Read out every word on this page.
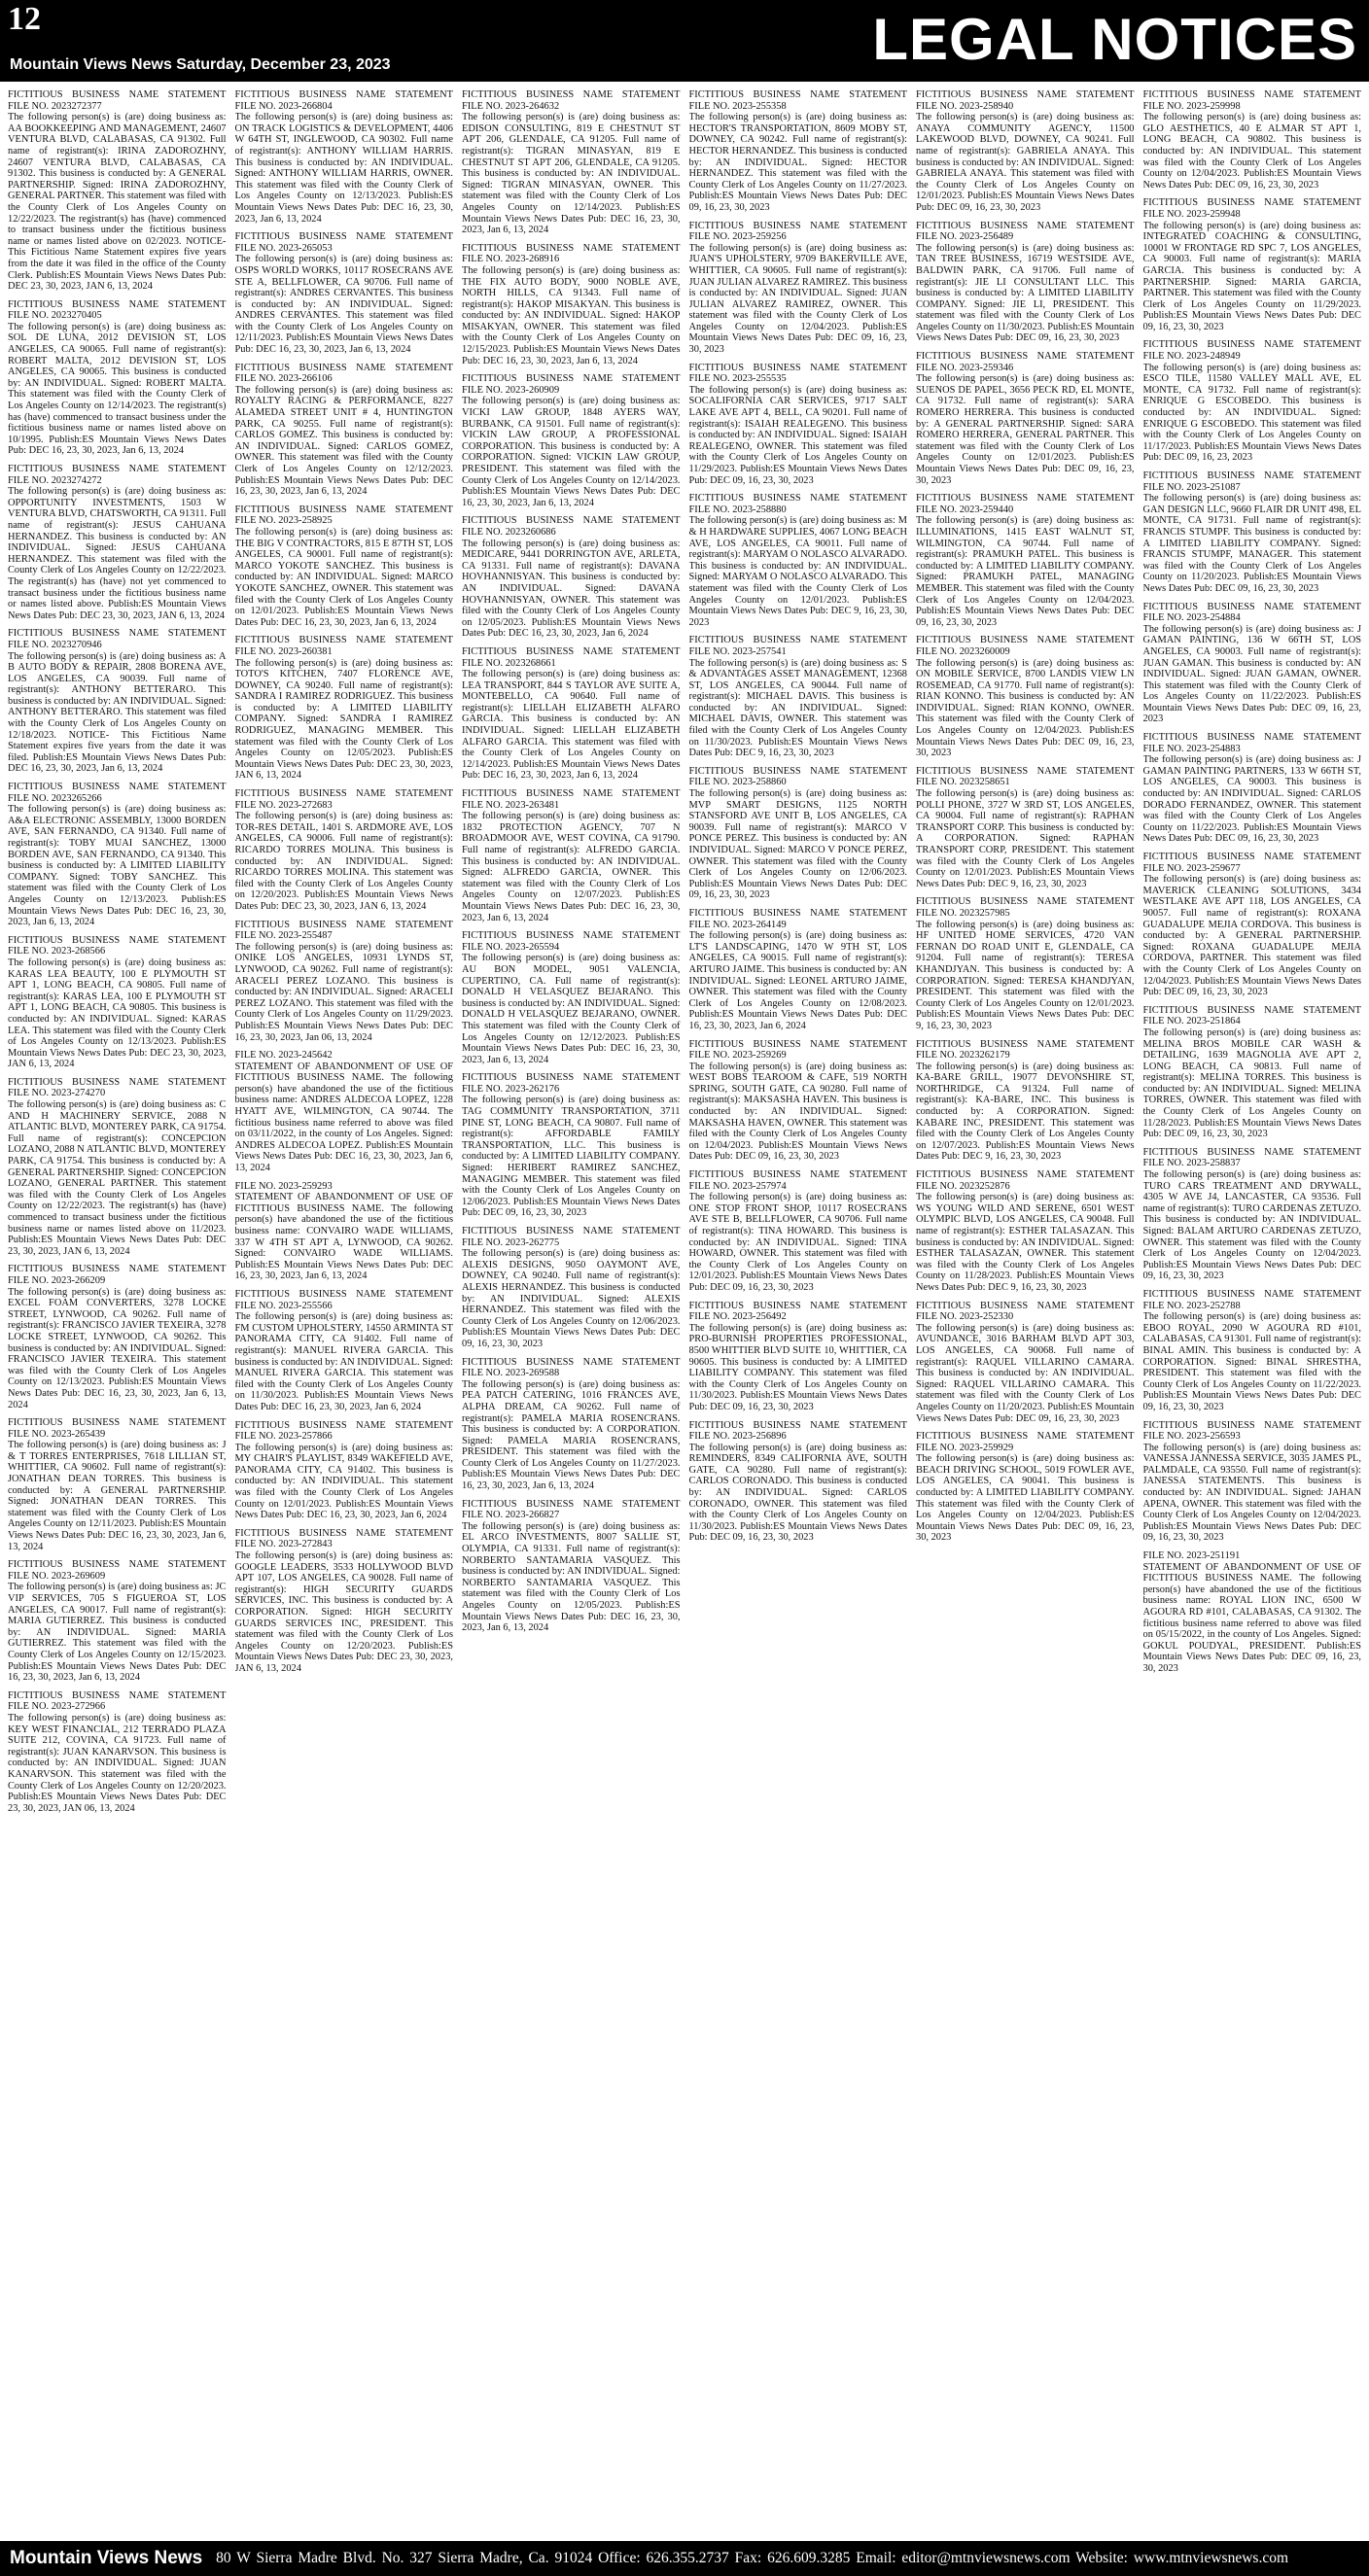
12
Mountain Views News Saturday, December 23, 2023	LEGAL NOTICES
FICTITIOUS BUSINESS NAME STATEMENT FILE NO. 2023272377
The following person(s) is (are) doing business as: AA BOOKKEEPING AND MANAGEMENT, 24607 VENTURA BLVD, CALABASAS, CA 91302. Full name of registrant(s): IRINA ZADOROZHNY, 24607 VENTURA BLVD, CALABASAS, CA 91302. This business is conducted by: A GENERAL PARTNERSHIP. Signed: IRINA ZADOROZHNY, GENERAL PARTNER. This statement was filed with the County Clerk of Los Angeles County on 12/22/2023. The registrant(s) has (have) commenced to transact business under the fictitious business name or names listed above on 02/2023. NOTICE- This Fictitious Name Statement expires five years from the date it was filed in the office of the County Clerk. Publish:ES Mountain Views News Dates Pub: DEC 23, 30, 2023, JAN 6, 13, 2024
FICTITIOUS BUSINESS NAME STATEMENT FILE NO. 2023270405
The following person(s) is (are) doing business as: SOL DE LUNA, 2012 DEVISION ST, LOS ANGELES, CA 90065. Full name of registrant(s): ROBERT MALTA, 2012 DEVISION ST, LOS ANGELES, CA 90065. This business is conducted by: AN INDIVIDUAL. Signed: ROBERT MALTA. This statement was filed with the County Clerk of Los Angeles County on 12/14/2023. The registrant(s) has (have) commenced to transact business under the fictitious business name or names listed above on 10/1995. Publish:ES Mountain Views News Dates Pub: DEC 16, 23, 30, 2023, Jan 6, 13, 2024
FICTITIOUS BUSINESS NAME STATEMENT FILE NO. 2023274272
The following person(s) is (are) doing business as: OPPORTUNITY INVESTMENTS, 1503 W VENTURA BLVD, CHATSWORTH, CA 91311. Full name of registrant(s): JESUS CAHUANA HERNANDEZ. This business is conducted by: AN INDIVIDUAL. Signed: JESUS CAHUANA HERNANDEZ. This statement was filed with the County Clerk of Los Angeles County on 12/22/2023. The registrant(s) has (have) not yet commenced to transact business under the fictitious business name or names listed above. Publish:ES Mountain Views News Dates Pub: DEC 23, 30, 2023, JAN 6, 13, 2024
FICTITIOUS BUSINESS NAME STATEMENT FILE NO. 2023270946
The following person(s) is (are) doing business as: A B AUTO BODY & REPAIR, 2808 BORENA AVE, LOS ANGELES, CA 90039. Full name of registrant(s): ANTHONY BETTERARO. This business is conducted by: AN INDIVIDUAL. Signed: ANTHONY BETTERARO. This statement was filed with the County Clerk of Los Angeles County on 12/18/2023. NOTICE- This Fictitious Name Statement expires five years from the date it was filed. Publish:ES Mountain Views News Dates Pub: DEC 16, 23, 30, 2023, Jan 6, 13, 2024
FICTITIOUS BUSINESS NAME STATEMENT FILE NO. 2023265266
The following person(s) is (are) doing business as: A&A ELECTRONIC ASSEMBLY, 13000 BORDEN AVE, SAN FERNANDO, CA 91340. Full name of registrant(s): TOBY MUAI SANCHEZ, 13000 BORDEN AVE, SAN FERNANDO, CA 91340. This business is conducted by: A LIMITED LIABILITY COMPANY. Signed: TOBY SANCHEZ. This statement was filed with the County Clerk of Los Angeles County on 12/13/2023. Publish:ES Mountain Views News Dates Pub: DEC 16, 23, 30, 2023, Jan 6, 13, 2024
FICTITIOUS BUSINESS NAME STATEMENT FILE NO. 2023-268566
The following person(s) is (are) doing business as: KARAS LEA BEAUTY, 100 E PLYMOUTH ST APT 1, LONG BEACH, CA 90805. Full name of registrant(s): KARAS LEA, 100 E PLYMOUTH ST APT 1, LONG BEACH, CA 90805. This business is conducted by: AN INDIVIDUAL. Signed: KARAS LEA. This statement was filed with the County Clerk of Los Angeles County on 12/13/2023. Publish:ES Mountain Views News Dates Pub: DEC 23, 30, 2023, JAN 6, 13, 2024
FICTITIOUS BUSINESS NAME STATEMENT FILE NO. 2023-274270
The following person(s) is (are) doing business as: C AND H MACHINERY SERVICE, 2088 N ATLANTIC BLVD, MONTEREY PARK, CA 91754. Full name of registrant(s): CONCEPCION LOZANO, 2088 N ATLANTIC BLVD, MONTEREY PARK, CA 91754. This business is conducted by: A GENERAL PARTNERSHIP. Signed: CONCEPCION LOZANO, GENERAL PARTNER. This statement was filed with the County Clerk of Los Angeles County on 12/22/2023. The registrant(s) has (have) commenced to transact business under the fictitious business name or names listed above on 11/2023. Publish:ES Mountain Views News Dates Pub: DEC 23, 30, 2023, JAN 6, 13, 2024
FICTITIOUS BUSINESS NAME STATEMENT FILE NO. 2023-266209
The following person(s) is (are) doing business as: EXCEL FOAM CONVERTERS, 3278 LOCKE STREET, LYNWOOD, CA 90262. Full name of registrant(s): FRANCISCO JAVIER TEXEIRA, 3278 LOCKE STREET, LYNWOOD, CA 90262. This business is conducted by: AN INDIVIDUAL. Signed: FRANCISCO JAVIER TEXEIRA. This statement was filed with the County Clerk of Los Angeles County on 12/13/2023. Publish:ES Mountain Views News Dates Pub: DEC 16, 23, 30, 2023, Jan 6, 13, 2024
FICTITIOUS BUSINESS NAME STATEMENT FILE NO. 2023-265439
The following person(s) is (are) doing business as: J & T TORRES ENTERPRISES, 7618 LILLIAN ST, WHITTIER, CA 90602. Full name of registrant(s): JONATHAN DEAN TORRES. This business is conducted by: A GENERAL PARTNERSHIP. Signed: JONATHAN DEAN TORRES. This statement was filed with the County Clerk of Los Angeles County on 12/11/2023. Publish:ES Mountain Views News Dates Pub: DEC 16, 23, 30, 2023, Jan 6, 13, 2024
FICTITIOUS BUSINESS NAME STATEMENT FILE NO. 2023-269609
The following person(s) is (are) doing business as: JC VIP SERVICES, 705 S FIGUEROA ST, LOS ANGELES, CA 90017. Full name of registrant(s): MARIA GUTIERREZ. This business is conducted by: AN INDIVIDUAL. Signed: MARIA GUTIERREZ. This statement was filed with the County Clerk of Los Angeles County on 12/15/2023. Publish:ES Mountain Views News Dates Pub: DEC 16, 23, 30, 2023, Jan 6, 13, 2024
FICTITIOUS BUSINESS NAME STATEMENT FILE NO. 2023-272966
The following person(s) is (are) doing business as: KEY WEST FINANCIAL, 212 TERRADO PLAZA SUITE 212, COVINA, CA 91723. Full name of registrant(s): JUAN KANARVSON. This business is conducted by: AN INDIVIDUAL. Signed: JUAN KANARVSON. This statement was filed with the County Clerk of Los Angeles County on 12/20/2023. Publish:ES Mountain Views News Dates Pub: DEC 23, 30, 2023, JAN 06, 13, 2024
FICTITIOUS BUSINESS NAME STATEMENT FILE NO. 2023-266804
The following person(s) is (are) doing business as: ON TRACK LOGISTICS & DEVELOPMENT, 4406 W 64TH ST, INGLEWOOD, CA 90302. Full name of registrant(s): ANTHONY WILLIAM HARRIS. This business is conducted by: AN INDIVIDUAL. Signed: ANTHONY WILLIAM HARRIS, OWNER. This statement was filed with the County Clerk of Los Angeles County on 12/13/2023. Publish:ES Mountain Views News Dates Pub: DEC 16, 23, 30, 2023, Jan 6, 13, 2024
FICTITIOUS BUSINESS NAME STATEMENT FILE NO. 2023-265053
The following person(s) is (are) doing business as: OSPS WORLD WORKS, 10117 ROSECRANS AVE STE A, BELLFLOWER, CA 90706. Full name of registrant(s): ANDRES CERVANTES. This business is conducted by: AN INDIVIDUAL. Signed: ANDRES CERVANTES. This statement was filed with the County Clerk of Los Angeles County on 12/11/2023. Publish:ES Mountain Views News Dates Pub: DEC 16, 23, 30, 2023, Jan 6, 13, 2024
FICTITIOUS BUSINESS NAME STATEMENT FILE NO. 2023-266106
The following person(s) is (are) doing business as: ROYALTY RACING & PERFORMANCE, 8227 ALAMEDA STREET UNIT # 4, HUNTINGTON PARK, CA 90255. Full name of registrant(s): CARLOS GOMEZ. This business is conducted by: AN INDIVIDUAL. Signed: CARLOS GOMEZ, OWNER. This statement was filed with the County Clerk of Los Angeles County on 12/12/2023. Publish:ES Mountain Views News Dates Pub: DEC 16, 23, 30, 2023, Jan 6, 13, 2024
FICTITIOUS BUSINESS NAME STATEMENT FILE NO. 2023-258925
The following person(s) is (are) doing business as: THE BIG V CONTRACTORS, 815 E 87TH ST, LOS ANGELES, CA 90001. Full name of registrant(s): MARCO YOKOTE SANCHEZ. This business is conducted by: AN INDIVIDUAL. Signed: MARCO YOKOTE SANCHEZ, OWNER. This statement was filed with the County Clerk of Los Angeles County on 12/01/2023. Publish:ES Mountain Views News Dates Pub: DEC 16, 23, 30, 2023, Jan 6, 13, 2024
FICTITIOUS BUSINESS NAME STATEMENT FILE NO. 2023-260381
The following person(s) is (are) doing business as: TOTO'S KITCHEN, 7407 FLORENCE AVE, DOWNEY, CA 90240. Full name of registrant(s): SANDRA I RAMIREZ RODRIGUEZ. This business is conducted by: A LIMITED LIABILITY COMPANY. Signed: SANDRA I RAMIREZ RODRIGUEZ, MANAGING MEMBER. This statement was filed with the County Clerk of Los Angeles County on 12/05/2023. Publish:ES Mountain Views News Dates Pub: DEC 23, 30, 2023, JAN 6, 13, 2024
FICTITIOUS BUSINESS NAME STATEMENT FILE NO. 2023-272683
The following person(s) is (are) doing business as: TOR-RES DETAIL, 1401 S. ARDMORE AVE, LOS ANGELES, CA 90006. Full name of registrant(s): RICARDO TORRES MOLINA. This business is conducted by: AN INDIVIDUAL. Signed: RICARDO TORRES MOLINA. This statement was filed with the County Clerk of Los Angeles County on 12/20/2023. Publish:ES Mountain Views News Dates Pub: DEC 23, 30, 2023, JAN 6, 13, 2024
FICTITIOUS BUSINESS NAME STATEMENT FILE NO. 2023-255487
The following person(s) is (are) doing business as: ONIKE LOS ANGELES, 10931 LYNDS ST, LYNWOOD, CA 90262. Full name of registrant(s): ARACELI PEREZ LOZANO. This business is conducted by: AN INDIVIDUAL. Signed: ARACELI PEREZ LOZANO. This statement was filed with the County Clerk of Los Angeles County on 11/29/2023. Publish:ES Mountain Views News Dates Pub: DEC 16, 23, 30, 2023, Jan 06, 13, 2024
FILE NO. 2023-245642
STATEMENT OF ABANDONMENT OF USE OF FICTITIOUS BUSINESS NAME. The following person(s) have abandoned the use of the fictitious business name: ANDRES ALDECOA LOPEZ, 1228 HYATT AVE, WILMINGTON, CA 90744. The fictitious business name referred to above was filed on 03/11/2022, in the county of Los Angeles. Signed: ANDRES ALDECOA LOPEZ. Publish:ES Mountain Views News Dates Pub: DEC 16, 23, 30, 2023, Jan 6, 13, 2024
FILE NO. 2023-259293
STATEMENT OF ABANDONMENT OF USE OF FICTITIOUS BUSINESS NAME. The following person(s) have abandoned the use of the fictitious business name: CONVAIRO WADE WILLIAMS, 337 W 4TH ST APT A, LYNWOOD, CA 90262. Signed: CONVAIRO WADE WILLIAMS. Publish:ES Mountain Views News Dates Pub: DEC 16, 23, 30, 2023, Jan 6, 13, 2024
FICTITIOUS BUSINESS NAME STATEMENT FILE NO. 2023-255566
The following person(s) is (are) doing business as: FM CUSTOM UPHOLSTERY, 14550 ARMINTA ST PANORAMA CITY, CA 91402. Full name of registrant(s): MANUEL RIVERA GARCIA. This business is conducted by: AN INDIVIDUAL. Signed: MANUEL RIVERA GARCIA. This statement was filed with the County Clerk of Los Angeles County on 11/30/2023. Publish:ES Mountain Views News Dates Pub: DEC 16, 23, 30, 2023, Jan 6, 2024
FICTITIOUS BUSINESS NAME STATEMENT FILE NO. 2023-257866
The following person(s) is (are) doing business as: MY CHAIR'S PLAYLIST, 8349 WAKEFIELD AVE, PANORAMA CITY, CA 91402. This business is conducted by: AN INDIVIDUAL. This statement was filed with the County Clerk of Los Angeles County on 12/01/2023. Publish:ES Mountain Views News Dates Pub: DEC 16, 23, 30, 2023, Jan 6, 2024
FICTITIOUS BUSINESS NAME STATEMENT FILE NO. 2023-272843
The following person(s) is (are) doing business as: GOOGLE LEADERS, 3533 HOLLYWOOD BLVD APT 107, LOS ANGELES, CA 90028. Full name of registrant(s): HIGH SECURITY GUARDS SERVICES, INC. This business is conducted by: A CORPORATION. Signed: HIGH SECURITY GUARDS SERVICES INC, PRESIDENT. This statement was filed with the County Clerk of Los Angeles County on 12/20/2023. Publish:ES Mountain Views News Dates Pub: DEC 23, 30, 2023, JAN 6, 13, 2024
FICTITIOUS BUSINESS NAME STATEMENT FILE NO. 2023-264632
The following person(s) is (are) doing business as: EDISON CONSULTING, 819 E CHESTNUT ST APT 206, GLENDALE, CA 91205. Full name of registrant(s): TIGRAN MINASYAN, 819 E CHESTNUT ST APT 206, GLENDALE, CA 91205. This business is conducted by: AN INDIVIDUAL. Signed: TIGRAN MINASYAN, OWNER. This statement was filed with the County Clerk of Los Angeles County on 12/14/2023. Publish:ES Mountain Views News Dates Pub: DEC 16, 23, 30, 2023, Jan 6, 13, 2024
FICTITIOUS BUSINESS NAME STATEMENT FILE NO. 2023-268916
The following person(s) is (are) doing business as: THE FIX AUTO BODY, 9000 NOBLE AVE, NORTH HILLS, CA 91343. Full name of registrant(s): HAKOP MISAKYAN. This business is conducted by: AN INDIVIDUAL. Signed: HAKOP MISAKYAN, OWNER. This statement was filed with the County Clerk of Los Angeles County on 12/15/2023. Publish:ES Mountain Views News Dates Pub: DEC 16, 23, 30, 2023, Jan 6, 13, 2024
FICTITIOUS BUSINESS NAME STATEMENT FILE NO. 2023-260909
The following person(s) is (are) doing business as: VICKI LAW GROUP, 1848 AYERS WAY, BURBANK, CA 91501. Full name of registrant(s): VICKIN LAW GROUP, A PROFESSIONAL CORPORATION. This business is conducted by: A CORPORATION. Signed: VICKIN LAW GROUP, PRESIDENT. This statement was filed with the County Clerk of Los Angeles County on 12/14/2023. Publish:ES Mountain Views News Dates Pub: DEC 16, 23, 30, 2023, Jan 6, 13, 2024
FICTITIOUS BUSINESS NAME STATEMENT FILE NO. 2023260686
The following person(s) is (are) doing business as: MEDICARE, 9441 DORRINGTON AVE, ARLETA, CA 91331. Full name of registrant(s): DAVANA HOVHANNISYAN. This business is conducted by: AN INDIVIDUAL. Signed: DAVANA HOVHANNISYAN, OWNER. This statement was filed with the County Clerk of Los Angeles County on 12/05/2023. Publish:ES Mountain Views News Dates Pub: DEC 16, 23, 30, 2023, Jan 6, 2024
FICTITIOUS BUSINESS NAME STATEMENT FILE NO. 2023268661
The following person(s) is (are) doing business as: LEA TRANSPORT, 844 S TAYLOR AVE SUITE A, MONTEBELLO, CA 90640. Full name of registrant(s): LIELLAH ELIZABETH ALFARO GARCIA. This business is conducted by: AN INDIVIDUAL. Signed: LIELLAH ELIZABETH ALFARO GARCIA. This statement was filed with the County Clerk of Los Angeles County on 12/14/2023. Publish:ES Mountain Views News Dates Pub: DEC 16, 23, 30, 2023, Jan 6, 13, 2024
FICTITIOUS BUSINESS NAME STATEMENT FILE NO. 2023-263481
The following person(s) is (are) doing business as: 1832 PROTECTION AGENCY, 707 N BROADMOOR AVE, WEST COVINA, CA 91790. Full name of registrant(s): ALFREDO GARCIA. This business is conducted by: AN INDIVIDUAL. Signed: ALFREDO GARCIA, OWNER. This statement was filed with the County Clerk of Los Angeles County on 12/07/2023. Publish:ES Mountain Views News Dates Pub: DEC 16, 23, 30, 2023, Jan 6, 13, 2024
FICTITIOUS BUSINESS NAME STATEMENT FILE NO. 2023-265594
The following person(s) is (are) doing business as: AU BON MODEL, 9051 VALENCIA, CUPERTINO, CA. Full name of registrant(s): DONALD H VELASQUEZ BEJARANO. This business is conducted by: AN INDIVIDUAL. Signed: DONALD H VELASQUEZ BEJARANO, OWNER. This statement was filed with the County Clerk of Los Angeles County on 12/12/2023. Publish:ES Mountain Views News Dates Pub: DEC 16, 23, 30, 2023, Jan 6, 13, 2024
FICTITIOUS BUSINESS NAME STATEMENT FILE NO. 2023-262176
The following person(s) is (are) doing business as: TAG COMMUNITY TRANSPORTATION, 3711 PINE ST, LONG BEACH, CA 90807. Full name of registrant(s): AFFORDABLE FAMILY TRANSPORTATION, LLC. This business is conducted by: A LIMITED LIABILITY COMPANY. Signed: HERIBERT RAMIREZ SANCHEZ, MANAGING MEMBER. This statement was filed with the County Clerk of Los Angeles County on 12/06/2023. Publish:ES Mountain Views News Dates Pub: DEC 09, 16, 23, 30, 2023
FICTITIOUS BUSINESS NAME STATEMENT FILE NO. 2023-262775
The following person(s) is (are) doing business as: ALEXIS DESIGNS, 9050 OAYMONT AVE, DOWNEY, CA 90240. Full name of registrant(s): ALEXIS HERNANDEZ. This business is conducted by: AN INDIVIDUAL. Signed: ALEXIS HERNANDEZ. This statement was filed with the County Clerk of Los Angeles County on 12/06/2023. Publish:ES Mountain Views News Dates Pub: DEC 09, 16, 23, 30, 2023
FICTITIOUS BUSINESS NAME STATEMENT FILE NO. 2023-269588
The following person(s) is (are) doing business as: PEA PATCH CATERING, 1016 FRANCES AVE, ALPHA DREAM, CA 90262. Full name of registrant(s): PAMELA MARIA ROSENCRANS. This business is conducted by: A CORPORATION. Signed: PAMELA MARIA ROSENCRANS, PRESIDENT. This statement was filed with the County Clerk of Los Angeles County on 11/27/2023. Publish:ES Mountain Views News Dates Pub: DEC 16, 23, 30, 2023, Jan 6, 13, 2024
FICTITIOUS BUSINESS NAME STATEMENT FILE NO. 2023-266827
The following person(s) is (are) doing business as: EL ARCO INVESTMENTS, 8007 SALLIE ST, OLYMPIA, CA 91331. Full name of registrant(s): NORBERTO SANTAMARIA VASQUEZ. This business is conducted by: AN INDIVIDUAL. Signed: NORBERTO SANTAMARIA VASQUEZ. This statement was filed with the County Clerk of Los Angeles County on 12/05/2023. Publish:ES Mountain Views News Dates Pub: DEC 16, 23, 30, 2023, Jan 6, 13, 2024
FICTITIOUS BUSINESS NAME STATEMENT FILE NO. 2023-255358
The following person(s) is (are) doing business as: HECTOR'S TRANSPORTATION, 8609 MOBY ST, DOWNEY, CA 90242. Full name of registrant(s): HECTOR HERNANDEZ. This business is conducted by: AN INDIVIDUAL. Signed: HECTOR HERNANDEZ. This statement was filed with the County Clerk of Los Angeles County on 11/27/2023. Publish:ES Mountain Views News Dates Pub: DEC 09, 16, 23, 30, 2023
FICTITIOUS BUSINESS NAME STATEMENT FILE NO. 2023-259256
The following person(s) is (are) doing business as: JUAN'S UPHOLSTERY, 9709 BAKERVILLE AVE, WHITTIER, CA 90605. Full name of registrant(s): JUAN JULIAN ALVAREZ RAMIREZ. This business is conducted by: AN INDIVIDUAL. Signed: JUAN JULIAN ALVAREZ RAMIREZ, OWNER. This statement was filed with the County Clerk of Los Angeles County on 12/04/2023. Publish:ES Mountain Views News Dates Pub: DEC 09, 16, 23, 30, 2023
FICTITIOUS BUSINESS NAME STATEMENT FILE NO. 2023-255535
The following person(s) is (are) doing business as: SOCALIFORNIA CAR SERVICES, 9717 SALT LAKE AVE APT 4, BELL, CA 90201. Full name of registrant(s): ISAIAH REALEGENO. This business is conducted by: AN INDIVIDUAL. Signed: ISAIAH REALEGENO, OWNER. This statement was filed with the County Clerk of Los Angeles County on 11/29/2023. Publish:ES Mountain Views News Dates Pub: DEC 09, 16, 23, 30, 2023
FICTITIOUS BUSINESS NAME STATEMENT FILE NO. 2023-258880
The following person(s) is (are) doing business as: M & H HARDWARE SUPPLIES, 4067 LONG BEACH AVE, LOS ANGELES, CA 90011. Full name of registrant(s): MARYAM O NOLASCO ALVARADO. This business is conducted by: AN INDIVIDUAL. Signed: MARYAM O NOLASCO ALVARADO. This statement was filed with the County Clerk of Los Angeles County on 12/01/2023. Publish:ES Mountain Views News Dates Pub: DEC 9, 16, 23, 30, 2023
FICTITIOUS BUSINESS NAME STATEMENT FILE NO. 2023-257541
The following person(s) is (are) doing business as: S & ADVANTAGES ASSET MANAGEMENT, 12368 ST, LOS ANGELES, CA 90044. Full name of registrant(s): MICHAEL DAVIS. This business is conducted by: AN INDIVIDUAL. Signed: MICHAEL DAVIS, OWNER. This statement was filed with the County Clerk of Los Angeles County on 11/30/2023. Publish:ES Mountain Views News Dates Pub: DEC 9, 16, 23, 30, 2023
FICTITIOUS BUSINESS NAME STATEMENT FILE NO. 2023-258860
The following person(s) is (are) doing business as: MVP SMART DESIGNS, 1125 NORTH STANSFORD AVE UNIT B, LOS ANGELES, CA 90039. Full name of registrant(s): MARCO V PONCE PEREZ. This business is conducted by: AN INDIVIDUAL. Signed: MARCO V PONCE PEREZ, OWNER. This statement was filed with the County Clerk of Los Angeles County on 12/06/2023. Publish:ES Mountain Views News Dates Pub: DEC 09, 16, 23, 30, 2023
FICTITIOUS BUSINESS NAME STATEMENT FILE NO. 2023-264149
The following person(s) is (are) doing business as: LT'S LANDSCAPING, 1470 W 9TH ST, LOS ANGELES, CA 90015. Full name of registrant(s): ARTURO JAIME. This business is conducted by: AN INDIVIDUAL. Signed: LEONEL ARTURO JAIME, OWNER. This statement was filed with the County Clerk of Los Angeles County on 12/08/2023. Publish:ES Mountain Views News Dates Pub: DEC 16, 23, 30, 2023, Jan 6, 2024
FICTITIOUS BUSINESS NAME STATEMENT FILE NO. 2023-259269
The following person(s) is (are) doing business as: WEST BOBS TEAROOM & CAFE, 519 NORTH SPRING, SOUTH GATE, CA 90280. Full name of registrant(s): MAKSASHA HAVEN. This business is conducted by: AN INDIVIDUAL. Signed: MAKSASHA HAVEN, OWNER. This statement was filed with the County Clerk of Los Angeles County on 12/04/2023. Publish:ES Mountain Views News Dates Pub: DEC 09, 16, 23, 30, 2023
FICTITIOUS BUSINESS NAME STATEMENT FILE NO. 2023-257974
The following person(s) is (are) doing business as: ONE STOP FRONT SHOP, 10117 ROSECRANS AVE STE B, BELLFLOWER, CA 90706. Full name of registrant(s): TINA HOWARD. This business is conducted by: AN INDIVIDUAL. Signed: TINA HOWARD, OWNER. This statement was filed with the County Clerk of Los Angeles County on 12/01/2023. Publish:ES Mountain Views News Dates Pub: DEC 09, 16, 23, 30, 2023
FICTITIOUS BUSINESS NAME STATEMENT FILE NO. 2023-256492
The following person(s) is (are) doing business as: PRO-BURNISH PROPERTIES PROFESSIONAL, 8500 WHITTIER BLVD SUITE 10, WHITTIER, CA 90605. This business is conducted by: A LIMITED LIABILITY COMPANY. This statement was filed with the County Clerk of Los Angeles County on 11/30/2023. Publish:ES Mountain Views News Dates Pub: DEC 09, 16, 23, 30, 2023
FICTITIOUS BUSINESS NAME STATEMENT FILE NO. 2023-256896
The following person(s) is (are) doing business as: REMINDERS, 8349 CALIFORNIA AVE, SOUTH GATE, CA 90280. Full name of registrant(s): CARLOS CORONADO. This business is conducted by: AN INDIVIDUAL. Signed: CARLOS CORONADO, OWNER. This statement was filed with the County Clerk of Los Angeles County on 11/30/2023. Publish:ES Mountain Views News Dates Pub: DEC 09, 16, 23, 30, 2023
FICTITIOUS BUSINESS NAME STATEMENT FILE NO. 2023-258940
The following person(s) is (are) doing business as: ANAYA COMMUNITY AGENCY, 11500 LAKEWOOD BLVD, DOWNEY, CA 90241. Full name of registrant(s): GABRIELA ANAYA. This business is conducted by: AN INDIVIDUAL. Signed: GABRIELA ANAYA. This statement was filed with the County Clerk of Los Angeles County on 12/01/2023. Publish:ES Mountain Views News Dates Pub: DEC 09, 16, 23, 30, 2023
FICTITIOUS BUSINESS NAME STATEMENT FILE NO. 2023-256489
The following person(s) is (are) doing business as: TAN TREE BUSINESS, 16719 WESTSIDE AVE, BALDWIN PARK, CA 91706. Full name of registrant(s): JIE LI CONSULTANT LLC. This business is conducted by: A LIMITED LIABILITY COMPANY. Signed: JIE LI, PRESIDENT. This statement was filed with the County Clerk of Los Angeles County on 11/30/2023. Publish:ES Mountain Views News Dates Pub: DEC 09, 16, 23, 30, 2023
FICTITIOUS BUSINESS NAME STATEMENT FILE NO. 2023-259346
The following person(s) is (are) doing business as: SUENOS DE PAPEL, 3656 PECK RD, EL MONTE, CA 91732. Full name of registrant(s): SARA ROMERO HERRERA. This business is conducted by: A GENERAL PARTNERSHIP. Signed: SARA ROMERO HERRERA, GENERAL PARTNER. This statement was filed with the County Clerk of Los Angeles County on 12/01/2023. Publish:ES Mountain Views News Dates Pub: DEC 09, 16, 23, 30, 2023
FICTITIOUS BUSINESS NAME STATEMENT FILE NO. 2023-259440
The following person(s) is (are) doing business as: ILLUMINATIONS, 1415 EAST WALNUT ST, WILMINGTON, CA 90744. Full name of registrant(s): PRAMUKH PATEL. This business is conducted by: A LIMITED LIABILITY COMPANY. Signed: PRAMUKH PATEL, MANAGING MEMBER. This statement was filed with the County Clerk of Los Angeles County on 12/04/2023. Publish:ES Mountain Views News Dates Pub: DEC 09, 16, 23, 30, 2023
FICTITIOUS BUSINESS NAME STATEMENT FILE NO. 2023260009
The following person(s) is (are) doing business as: ON MOBILE SERVICE, 8700 LANDIS VIEW LN ROSEMEAD, CA 91770. Full name of registrant(s): RIAN KONNO. This business is conducted by: AN INDIVIDUAL. Signed: RIAN KONNO, OWNER. This statement was filed with the County Clerk of Los Angeles County on 12/04/2023. Publish:ES Mountain Views News Dates Pub: DEC 09, 16, 23, 30, 2023
FICTITIOUS BUSINESS NAME STATEMENT FILE NO. 2023258651
The following person(s) is (are) doing business as: POLLI PHONE, 3727 W 3RD ST, LOS ANGELES, CA 90004. Full name of registrant(s): RAPHAN TRANSPORT CORP. This business is conducted by: A CORPORATION. Signed: RAPHAN TRANSPORT CORP, PRESIDENT. This statement was filed with the County Clerk of Los Angeles County on 12/01/2023. Publish:ES Mountain Views News Dates Pub: DEC 9, 16, 23, 30, 2023
FICTITIOUS BUSINESS NAME STATEMENT FILE NO. 2023257985
The following person(s) is (are) doing business as: HF UNITED HOME SERVICES, 4720 VAN FERNAN DO ROAD UNIT E, GLENDALE, CA 91204. Full name of registrant(s): TERESA KHANDJYAN. This business is conducted by: A CORPORATION. Signed: TERESA KHANDJYAN, PRESIDENT. This statement was filed with the County Clerk of Los Angeles County on 12/01/2023. Publish:ES Mountain Views News Dates Pub: DEC 9, 16, 23, 30, 2023
FICTITIOUS BUSINESS NAME STATEMENT FILE NO. 2023262179
The following person(s) is (are) doing business as: KA-BARE GRILL, 19077 DEVONSHIRE ST, NORTHRIDGE, CA 91324. Full name of registrant(s): KA-BARE, INC. This business is conducted by: A CORPORATION. Signed: KABARE INC, PRESIDENT. This statement was filed with the County Clerk of Los Angeles County on 12/07/2023. Publish:ES Mountain Views News Dates Pub: DEC 9, 16, 23, 30, 2023
FICTITIOUS BUSINESS NAME STATEMENT FILE NO. 2023252876
The following person(s) is (are) doing business as: WS YOUNG WILD AND SERENE, 6501 WEST OLYMPIC BLVD, LOS ANGELES, CA 90048. Full name of registrant(s): ESTHER TALASAZAN. This business is conducted by: AN INDIVIDUAL. Signed: ESTHER TALASAZAN, OWNER. This statement was filed with the County Clerk of Los Angeles County on 11/28/2023. Publish:ES Mountain Views News Dates Pub: DEC 9, 16, 23, 30, 2023
FICTITIOUS BUSINESS NAME STATEMENT FILE NO. 2023-252330
The following person(s) is (are) doing business as: AVUNDANCE, 3016 BARHAM BLVD APT 303, LOS ANGELES, CA 90068. Full name of registrant(s): RAQUEL VILLARINO CAMARA. This business is conducted by: AN INDIVIDUAL. Signed: RAQUEL VILLARINO CAMARA. This statement was filed with the County Clerk of Los Angeles County on 11/20/2023. Publish:ES Mountain Views News Dates Pub: DEC 09, 16, 23, 30, 2023
FICTITIOUS BUSINESS NAME STATEMENT FILE NO. 2023-259929
The following person(s) is (are) doing business as: BEACH DRIVING SCHOOL, 5019 FOWLER AVE, LOS ANGELES, CA 90041. This business is conducted by: A LIMITED LIABILITY COMPANY. This statement was filed with the County Clerk of Los Angeles County on 12/04/2023. Publish:ES Mountain Views News Dates Pub: DEC 09, 16, 23, 30, 2023
FICTITIOUS BUSINESS NAME STATEMENT FILE NO. 2023-259998
The following person(s) is (are) doing business as: GLO AESTHETICS, 40 E ALMAR ST APT 1, LONG BEACH, CA 90802. This business is conducted by: AN INDIVIDUAL. This statement was filed with the County Clerk of Los Angeles County on 12/04/2023. Publish:ES Mountain Views News Dates Pub: DEC 09, 16, 23, 30, 2023
FICTITIOUS BUSINESS NAME STATEMENT FILE NO. 2023-259948
The following person(s) is (are) doing business as: INTEGRATED COACHING & CONSULTING, 10001 W FRONTAGE RD SPC 7, LOS ANGELES, CA 90003. Full name of registrant(s): MARIA GARCIA. This business is conducted by: A PARTNERSHIP. Signed: MARIA GARCIA, PARTNER. This statement was filed with the County Clerk of Los Angeles County on 11/29/2023. Publish:ES Mountain Views News Dates Pub: DEC 09, 16, 23, 30, 2023
FICTITIOUS BUSINESS NAME STATEMENT FILE NO. 2023-248949
The following person(s) is (are) doing business as: ESCO TILE, 11580 VALLEY MALL AVE, EL MONTE, CA 91732. Full name of registrant(s): ENRIQUE G ESCOBEDO. This business is conducted by: AN INDIVIDUAL. Signed: ENRIQUE G ESCOBEDO. This statement was filed with the County Clerk of Los Angeles County on 11/17/2023. Publish:ES Mountain Views News Dates Pub: DEC 09, 16, 23, 2023
FICTITIOUS BUSINESS NAME STATEMENT FILE NO. 2023-251087
The following person(s) is (are) doing business as: GAN DESIGN LLC, 9660 FLAIR DR UNIT 498, EL MONTE, CA 91731. Full name of registrant(s): FRANCIS STUMPF. This business is conducted by: A LIMITED LIABILITY COMPANY. Signed: FRANCIS STUMPF, MANAGER. This statement was filed with the County Clerk of Los Angeles County on 11/20/2023. Publish:ES Mountain Views News Dates Pub: DEC 09, 16, 23, 30, 2023
FICTITIOUS BUSINESS NAME STATEMENT FILE NO. 2023-254884
The following person(s) is (are) doing business as: J GAMAN PAINTING, 136 W 66TH ST, LOS ANGELES, CA 90003. Full name of registrant(s): JUAN GAMAN. This business is conducted by: AN INDIVIDUAL. Signed: JUAN GAMAN, OWNER. This statement was filed with the County Clerk of Los Angeles County on 11/22/2023. Publish:ES Mountain Views News Dates Pub: DEC 09, 16, 23, 2023
FICTITIOUS BUSINESS NAME STATEMENT FILE NO. 2023-254883
The following person(s) is (are) doing business as: J GAMAN PAINTING PARTNERS, 133 W 66TH ST, LOS ANGELES, CA 90003. This business is conducted by: AN INDIVIDUAL. Signed: CARLOS DORADO FERNANDEZ, OWNER. This statement was filed with the County Clerk of Los Angeles County on 11/22/2023. Publish:ES Mountain Views News Dates Pub: DEC 09, 16, 23, 30, 2023
FICTITIOUS BUSINESS NAME STATEMENT FILE NO. 2023-259677
The following person(s) is (are) doing business as: MAVERICK CLEANING SOLUTIONS, 3434 WESTLAKE AVE APT 118, LOS ANGELES, CA 90057. Full name of registrant(s): ROXANA GUADALUPE MEJIA CORDOVA. This business is conducted by: A GENERAL PARTNERSHIP. Signed: ROXANA GUADALUPE MEJIA CORDOVA, PARTNER. This statement was filed with the County Clerk of Los Angeles County on 12/04/2023. Publish:ES Mountain Views News Dates Pub: DEC 09, 16, 23, 30, 2023
FICTITIOUS BUSINESS NAME STATEMENT FILE NO. 2023-251864
The following person(s) is (are) doing business as: MELINA BROS MOBILE CAR WASH & DETAILING, 1639 MAGNOLIA AVE APT 2, LONG BEACH, CA 90813. Full name of registrant(s): MELINA TORRES. This business is conducted by: AN INDIVIDUAL. Signed: MELINA TORRES, OWNER. This statement was filed with the County Clerk of Los Angeles County on 11/28/2023. Publish:ES Mountain Views News Dates Pub: DEC 09, 16, 23, 30, 2023
FICTITIOUS BUSINESS NAME STATEMENT FILE NO. 2023-258837
The following person(s) is (are) doing business as: TURO CARS TREATMENT AND DRYWALL, 4305 W AVE J4, LANCASTER, CA 93536. Full name of registrant(s): TURO CARDENAS ZETUZO. This business is conducted by: AN INDIVIDUAL. Signed: BALAM ARTURO CARDENAS ZETUZO, OWNER. This statement was filed with the County Clerk of Los Angeles County on 12/04/2023. Publish:ES Mountain Views News Dates Pub: DEC 09, 16, 23, 30, 2023
FICTITIOUS BUSINESS NAME STATEMENT FILE NO. 2023-252788
The following person(s) is (are) doing business as: EBOO ROYAL, 2090 W AGOURA RD #101, CALABASAS, CA 91301. Full name of registrant(s): BINAL AMIN. This business is conducted by: A CORPORATION. Signed: BINAL SHRESTHA, PRESIDENT. This statement was filed with the County Clerk of Los Angeles County on 11/22/2023. Publish:ES Mountain Views News Dates Pub: DEC 09, 16, 23, 30, 2023
FICTITIOUS BUSINESS NAME STATEMENT FILE NO. 2023-256593
The following person(s) is (are) doing business as: VANESSA JANNESSA SERVICE, 3035 JAMES PL, PALMDALE, CA 93550. Full name of registrant(s): JANESSA STATEMENTS. This business is conducted by: AN INDIVIDUAL. Signed: JAHAN APENA, OWNER. This statement was filed with the County Clerk of Los Angeles County on 12/04/2023. Publish:ES Mountain Views News Dates Pub: DEC 09, 16, 23, 30, 2023
FILE NO. 2023-251191
STATEMENT OF ABANDONMENT OF USE OF FICTITIOUS BUSINESS NAME. The following person(s) have abandoned the use of the fictitious business name: ROYAL LION INC, 6500 W AGOURA RD #101, CALABASAS, CA 91302. The fictitious business name referred to above was filed on 05/15/2022, in the county of Los Angeles. Signed: GOKUL POUDYAL, PRESIDENT. Publish:ES Mountain Views News Dates Pub: DEC 09, 16, 23, 30, 2023
Mountain Views News 80 W Sierra Madre Blvd. No. 327 Sierra Madre, Ca. 91024 Office: 626.355.2737 Fax: 626.609.3285 Email: editor@mtnviewsnews.com Website: www.mtnviewsnews.com
